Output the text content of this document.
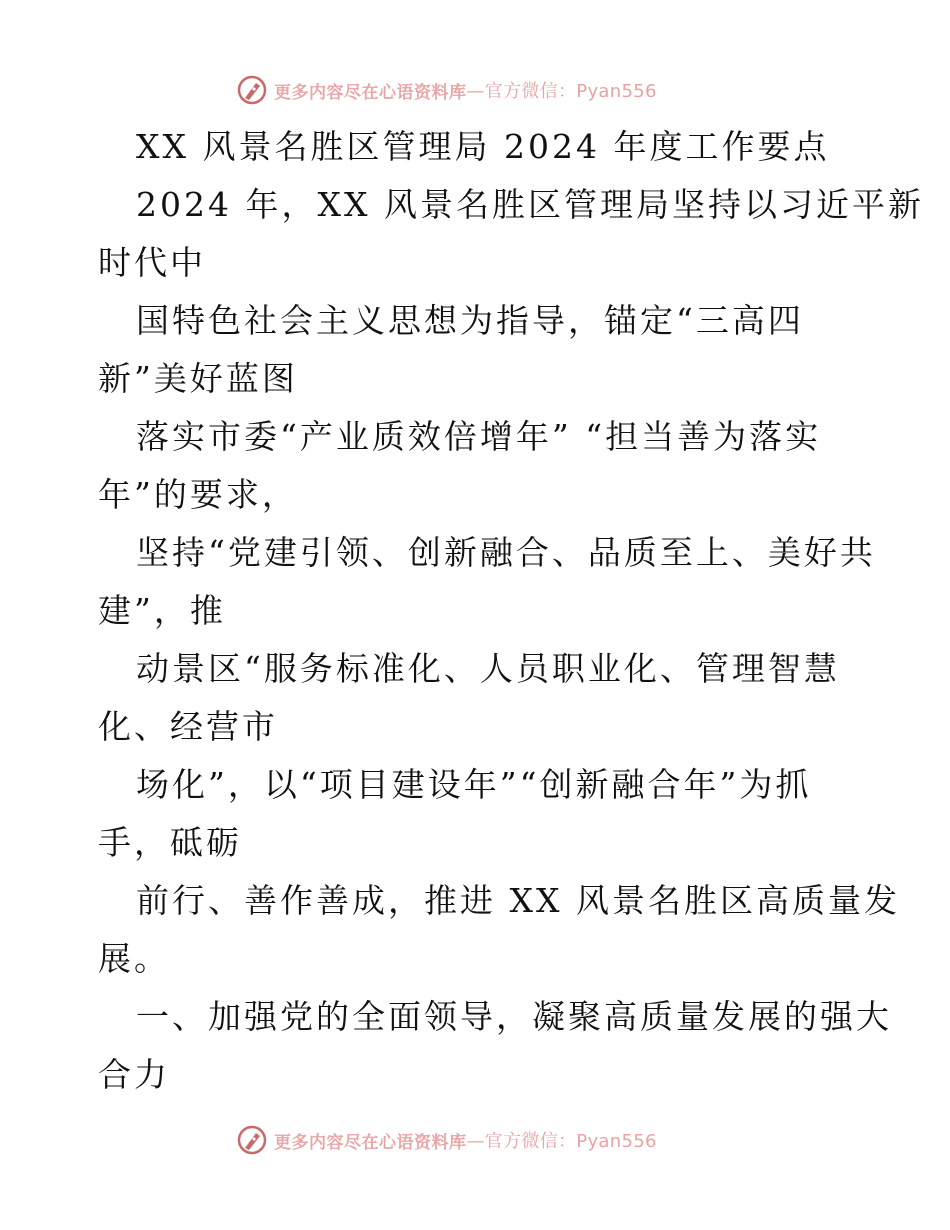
更多内容尽在心语资料库 —官方微信：Pyan556
XX 风景名胜区管理局 2024 年度工作要点
2024 年，XX 风景名胜区管理局坚持以习近平新
时代中
国特色社会主义思想为指导，锚定“三高四
新”美好蓝图
落实市委“产业质效倍增年” “担当善为落实
年”的要求，
坚持“党建引领、创新融合、品质至上、美好共
建”，推
动景区“服务标准化、人员职业化、管理智慧
化、经营市
场化”，以“项目建设年”“创新融合年”为抓
手，砥砺
前行、善作善成，推进 XX 风景名胜区高质量发
展。
一、加强党的全面领导，凝聚高质量发展的强大
合力
更多内容尽在心语资料库 —官方微信：Pyan556
